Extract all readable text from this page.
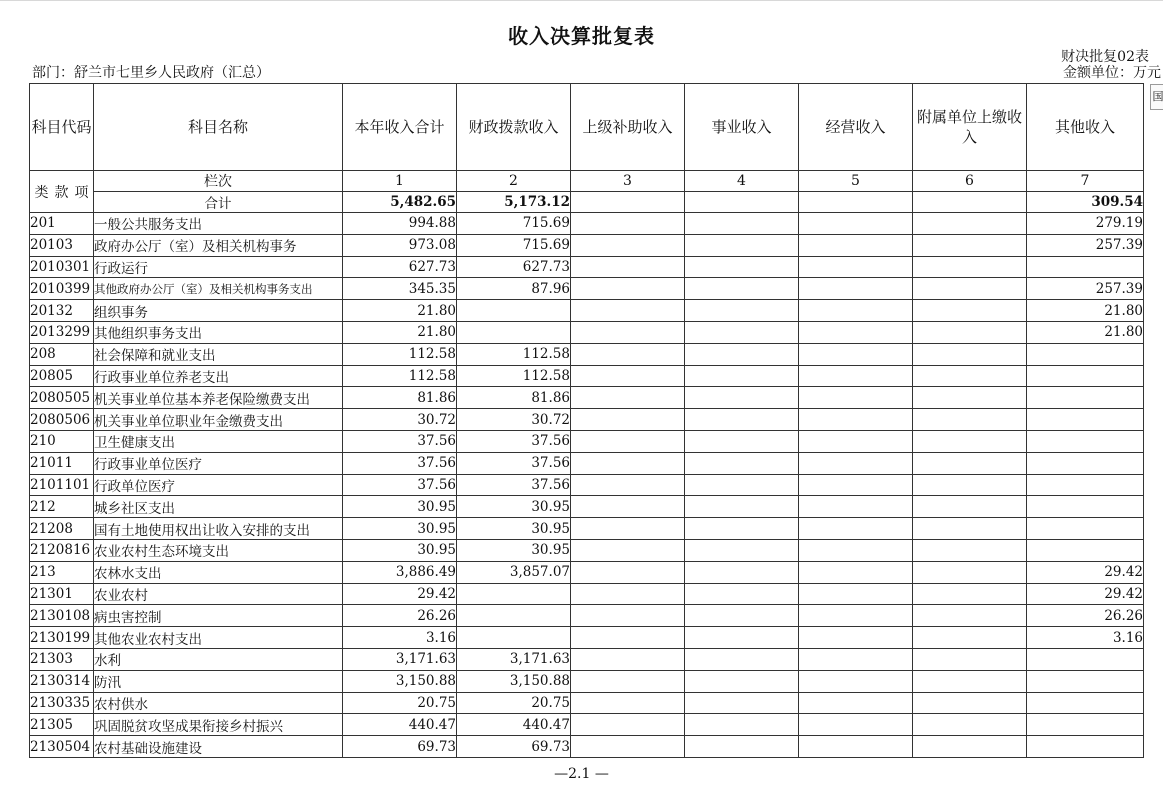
收入决算批复表
部门：舒兰市七里乡人民政府（汇总）
财决批复02表
金额单位：万元
国
科目代码	科目名称	本年收入合计	财政拨款收入	上级补助收入	事业收入	经营收入	附属单位上缴收入	其他收入
类 款 项	栏次	1	2	3	4	5	6	7
	合计	5,482.65	5,173.12					309.54
201	一般公共服务支出	994.88	715.69					279.19
20103	政府办公厅（室）及相关机构事务	973.08	715.69					257.39
2010301	行政运行	627.73	627.73					
2010399	其他政府办公厅（室）及相关机构事务支出	345.35	87.96					257.39
20132	组织事务	21.80						21.80
2013299	其他组织事务支出	21.80						21.80
208	社会保障和就业支出	112.58	112.58					
20805	行政事业单位养老支出	112.58	112.58					
2080505	机关事业单位基本养老保险缴费支出	81.86	81.86					
2080506	机关事业单位职业年金缴费支出	30.72	30.72					
210	卫生健康支出	37.56	37.56					
21011	行政事业单位医疗	37.56	37.56					
2101101	行政单位医疗	37.56	37.56					
212	城乡社区支出	30.95	30.95					
21208	国有土地使用权出让收入安排的支出	30.95	30.95					
2120816	农业农村生态环境支出	30.95	30.95					
213	农林水支出	3,886.49	3,857.07					29.42
21301	农业农村	29.42						29.42
2130108	病虫害控制	26.26						26.26
2130199	其他农业农村支出	3.16						3.16
21303	水利	3,171.63	3,171.63					
2130314	防汛	3,150.88	3,150.88					
2130335	农村供水	20.75	20.75					
21305	巩固脱贫攻坚成果衔接乡村振兴	440.47	440.47					
2130504	农村基础设施建设	69.73	69.73					
—2.1 —
